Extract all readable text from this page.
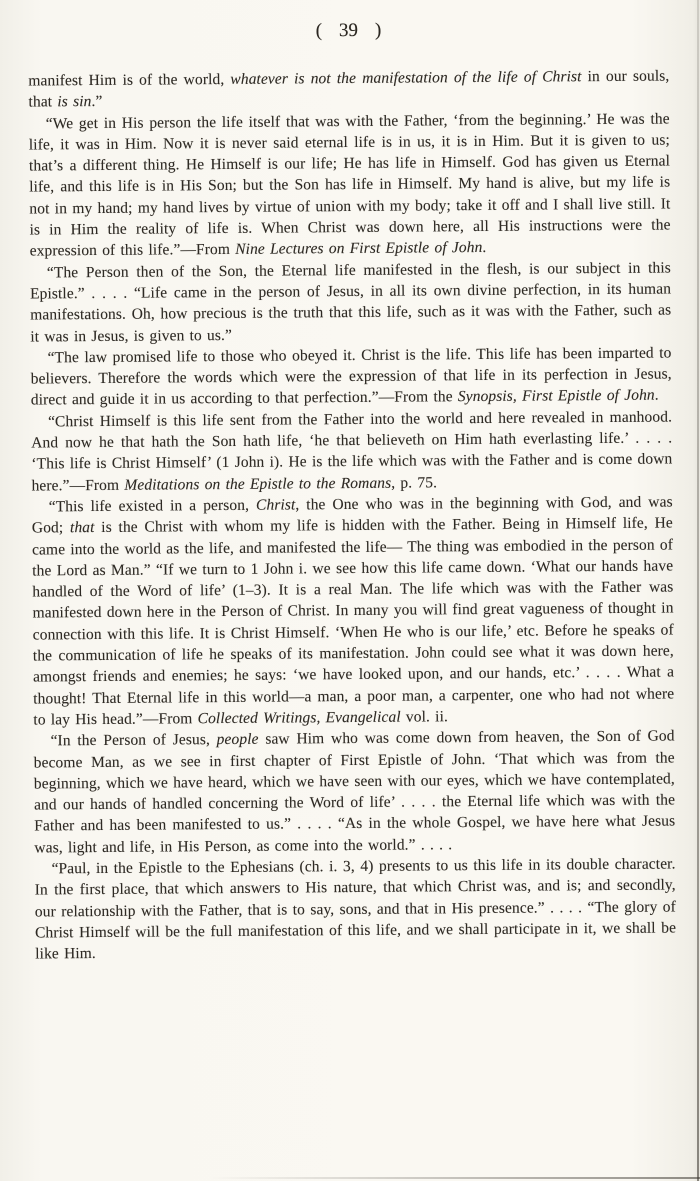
( 39 )

manifest Him is of the world, whatever is not the manifestation of the life of Christ in our souls, that is sin.”

“We get in His person the life itself that was with the Father, ‘from the beginning.’ He was the life, it was in Him. Now it is never said eternal life is in us, it is in Him. But it is given to us; that’s a different thing. He Himself is our life; He has life in Himself. God has given us Eternal life, and this life is in His Son; but the Son has life in Himself. My hand is alive, but my life is not in my hand; my hand lives by virtue of union with my body; take it off and I shall live still. It is in Him the reality of life is. When Christ was down here, all His instructions were the expression of this life.”—From Nine Lectures on First Epistle of John.

“The Person then of the Son, the Eternal life manifested in the flesh, is our subject in this Epistle.” . . . . “Life came in the person of Jesus, in all its own divine perfection, in its human manifestations. Oh, how precious is the truth that this life, such as it was with the Father, such as it was in Jesus, is given to us.”

“The law promised life to those who obeyed it. Christ is the life. This life has been imparted to believers. Therefore the words which were the expression of that life in its perfection in Jesus, direct and guide it in us according to that perfection.”—From the Synopsis, First Epistle of John.

“Christ Himself is this life sent from the Father into the world and here revealed in manhood. And now he that hath the Son hath life, ‘he that believeth on Him hath everlasting life.’ . . . . ‘This life is Christ Himself’ (1 John i). He is the life which was with the Father and is come down here.”—From Meditations on the Epistle to the Romans, p. 75.

“This life existed in a person, Christ, the One who was in the beginning with God, and was God; that is the Christ with whom my life is hidden with the Father. Being in Himself life, He came into the world as the life, and manifested the life— The thing was embodied in the person of the Lord as Man.” “If we turn to 1 John i. we see how this life came down. ‘What our hands have handled of the Word of life’ (1–3). It is a real Man. The life which was with the Father was manifested down here in the Person of Christ. In many you will find great vagueness of thought in connection with this life. It is Christ Himself. ‘When He who is our life,’ etc. Before he speaks of the communication of life he speaks of its manifestation. John could see what it was down here, amongst friends and enemies; he says: ‘we have looked upon, and our hands, etc.’ . . . . What a thought! That Eternal life in this world—a man, a poor man, a carpenter, one who had not where to lay His head.”—From Collected Writings, Evangelical vol. ii.

“In the Person of Jesus, people saw Him who was come down from heaven, the Son of God become Man, as we see in first chapter of First Epistle of John. ‘That which was from the beginning, which we have heard, which we have seen with our eyes, which we have contemplated, and our hands of handled concerning the Word of life’ . . . . the Eternal life which was with the Father and has been manifested to us.” . . . . “As in the whole Gospel, we have here what Jesus was, light and life, in His Person, as come into the world.” . . . .

“Paul, in the Epistle to the Ephesians (ch. i. 3, 4) presents to us this life in its double character. In the first place, that which answers to His nature, that which Christ was, and is; and secondly, our relationship with the Father, that is to say, sons, and that in His presence.” . . . . “The glory of Christ Himself will be the full manifestation of this life, and we shall participate in it, we shall be like Him.
